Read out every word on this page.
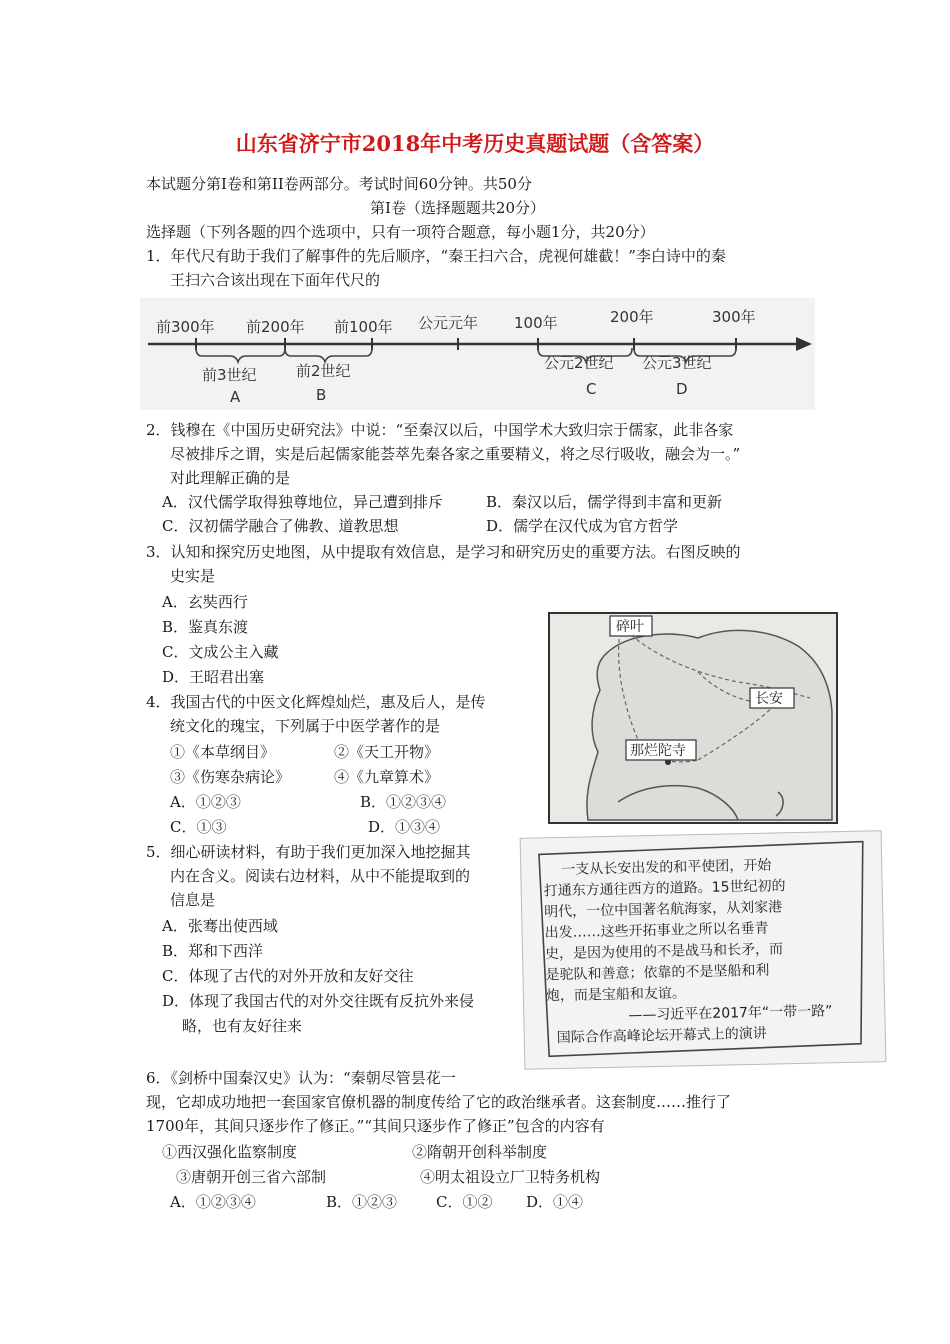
山东省济宁市2018年中考历史真题试题（含答案）
本试题分第Ⅰ卷和第II卷两部分。考试时间60分钟。共50分
第Ⅰ卷（选择题题共20分）
选择题（下列各题的四个选项中，只有一项符合题意，每小题1分，共20分）
1．年代尺有助于我们了解事件的先后顺序，“秦王扫六合，虎视何雄截！”李白诗中的秦
王扫六合该出现在下面年代尺的
前300年 前200年 前100年 公元元年 100年	200年	300年
前3世纪	前2世纪	公元2世纪 公元3世纪
A	B	C	D
2．钱穆在《中国历史研究法》中说：“至秦汉以后，中国学术大致归宗于儒家，此非各家
尽被排斥之谓，实是后起儒家能荟萃先秦各家之重要精义，将之尽行吸收，融会为一。”
对此理解正确的是
A．汉代儒学取得独尊地位，异己遭到排斥	B．秦汉以后，儒学得到丰富和更新
C．汉初儒学融合了佛教、道教思想	D．儒学在汉代成为官方哲学
3．认知和探究历史地图，从中提取有效信息，是学习和研究历史的重要方法。右图反映的
史实是
A．玄奘西行
B．鉴真东渡
C．文成公主入藏
D．王昭君出塞
碎叶
长安
那烂陀寺
4．我国古代的中医文化辉煌灿烂，惠及后人，是传
统文化的瑰宝，下列属于中医学著作的是
①《本草纲目》	②《天工开物》
③《伤寒杂病论》	④《九章算术》
A．①②③	B．①②③④
C．①③	D．①③④
5．细心研读材料，有助于我们更加深入地挖掘其
内在含义。阅读右边材料，从中不能提取到的
信息是
A．张骞出使西域
B．郑和下西洋
C．体现了古代的对外开放和友好交往
D．体现了我国古代的对外交往既有反抗外来侵
略，也有友好往来
一支从长安出发的和平使团，开始
打通东方通往西方的道路。15世纪初的
明代，一位中国著名航海家，从刘家港
出发……这些开拓事业之所以名垂青
史，是因为使用的不是战马和长矛，而
是驼队和善意；依靠的不是坚船和利
炮，而是宝船和友谊。
——习近平在2017年“一带一路”
国际合作高峰论坛开幕式上的演讲
6．《剑桥中国秦汉史》认为：“秦朝尽管昙花一
现，它却成功地把一套国家官僚机器的制度传给了它的政治继承者。这套制度……推行了
1700年，其间只逐步作了修正。”“其间只逐步作了修正”包含的内容有
①西汉强化监察制度	②隋朝开创科举制度
③唐朝开创三省六部制	④明太祖设立厂卫特务机构
A．①②③④	B．①②③	C．①② D．①④
